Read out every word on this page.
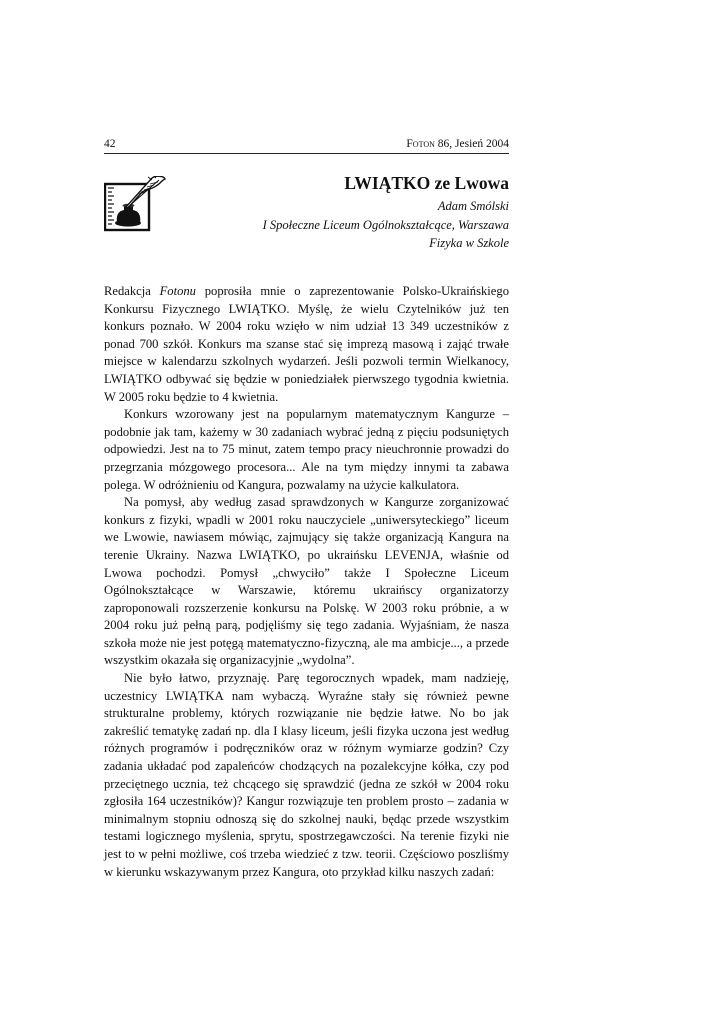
42	Foton 86, Jesień 2004
LWIĄTKO ze Lwowa
Adam Smólski
I Społeczne Liceum Ogólnokształcące, Warszawa
Fizyka w Szkole

Redakcja Fotonu poprosiła mnie o zaprezentowanie Polsko-Ukraińskiego Konkursu Fizycznego LWIĄTKO. Myślę, że wielu Czytelników już ten konkurs poznało. W 2004 roku wzięło w nim udział 13 349 uczestników z ponad 700 szkół. Konkurs ma szanse stać się imprezą masową i zająć trwałe miejsce w kalendarzu szkolnych wydarzeń. Jeśli pozwoli termin Wielkanocy, LWIĄTKO odbywać się będzie w poniedziałek pierwszego tygodnia kwietnia. W 2005 roku będzie to 4 kwietnia.

Konkurs wzorowany jest na popularnym matematycznym Kangurze – podobnie jak tam, każemy w 30 zadaniach wybrać jedną z pięciu podsuniętych odpowiedzi. Jest na to 75 minut, zatem tempo pracy nieuchronnie prowadzi do przegrzania mózgowego procesora... Ale na tym między innymi ta zabawa polega. W odróżnieniu od Kangura, pozwalamy na użycie kalkulatora.

Na pomysł, aby według zasad sprawdzonych w Kangurze zorganizować konkurs z fizyki, wpadli w 2001 roku nauczyciele „uniwersyteckiego” liceum we Lwowie, nawiasem mówiąc, zajmujący się także organizacją Kangura na terenie Ukrainy. Nazwa LWIĄTKO, po ukraińsku LEVENJA, właśnie od Lwowa pochodzi. Pomysł „chwyciło” także I Społeczne Liceum Ogólnokształcące w Warszawie, któremu ukraińscy organizatorzy zaproponowali rozszerzenie konkursu na Polskę. W 2003 roku próbnie, a w 2004 roku już pełną parą, podjęliśmy się tego zadania. Wyjaśniam, że nasza szkoła może nie jest potęgą matematyczno-fizyczną, ale ma ambicje..., a przede wszystkim okazała się organizacyjnie „wydolna”.

Nie było łatwo, przyznaję. Parę tegorocznych wpadek, mam nadzieję, uczestnicy LWIĄTKA nam wybaczą. Wyraźne stały się również pewne strukturalne problemy, których rozwiązanie nie będzie łatwe. No bo jak zakreślić tematykę zadań np. dla I klasy liceum, jeśli fizyka uczona jest według różnych programów i podręczników oraz w różnym wymiarze godzin? Czy zadania układać pod zapaleńców chodzących na pozalekcyjne kółka, czy pod przeciętnego ucznia, też chcącego się sprawdzić (jedna ze szkół w 2004 roku zgłosiła 164 uczestników)? Kangur rozwiązuje ten problem prosto – zadania w minimalnym stopniu odnoszą się do szkolnej nauki, będąc przede wszystkim testami logicznego myślenia, sprytu, spostrzegawczości. Na terenie fizyki nie jest to w pełni możliwe, coś trzeba wiedzieć z tzw. teorii. Częściowo poszliśmy w kierunku wskazywanym przez Kangura, oto przykład kilku naszych zadań:
